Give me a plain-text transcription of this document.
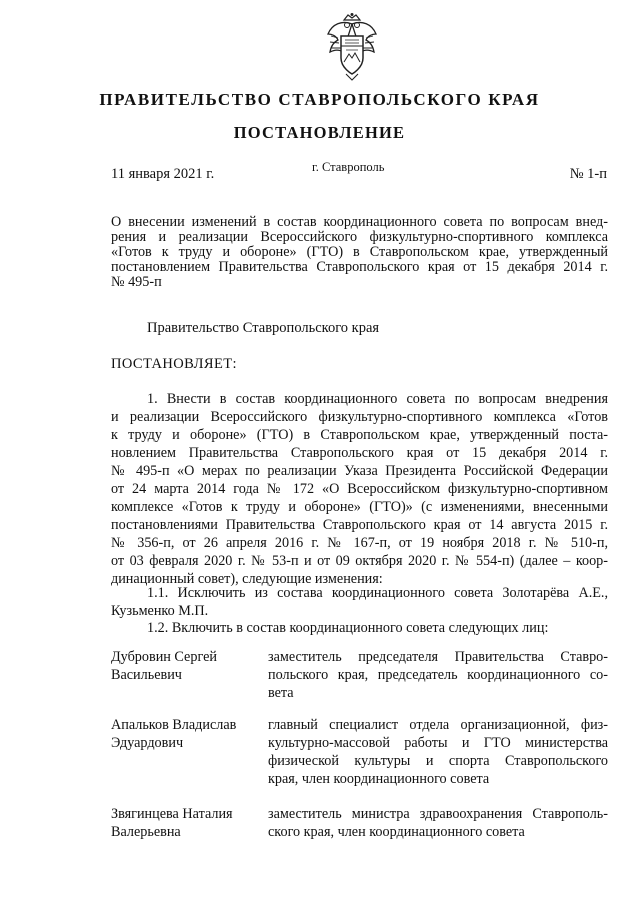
ПРАВИТЕЛЬСТВО СТАВРОПОЛЬСКОГО КРАЯ
ПОСТАНОВЛЕНИЕ
11 января 2021 г.	г. Ставрополь	№ 1-п

О внесении изменений в состав координационного совета по вопросам внед-
рения и реализации Всероссийского физкультурно-спортивного комплекса
«Готов к труду и обороне» (ГТО) в Ставропольском крае, утвержденный
постановлением Правительства Ставропольского края от 15 декабря 2014 г.
№ 495-п

Правительство Ставропольского края
ПОСТАНОВЛЯЕТ:

1. Внести в состав координационного совета по вопросам внедрения
и реализации Всероссийского физкультурно-спортивного комплекса «Готов
к труду и обороне» (ГТО) в Ставропольском крае, утвержденный поста-
новлением Правительства Ставропольского края от 15 декабря 2014 г.
№ 495-п «О мерах по реализации Указа Президента Российской Федерации
от 24 марта 2014 года № 172 «О Всероссийском физкультурно-спортивном
комплексе «Готов к труду и обороне» (ГТО)» (с изменениями, внесенными
постановлениями Правительства Ставропольского края от 14 августа 2015 г.
№ 356-п, от 26 апреля 2016 г. № 167-п, от 19 ноября 2018 г. № 510-п,
от 03 февраля 2020 г. № 53-п и от 09 октября 2020 г. № 554-п) (далее – коор-
динационный совет), следующие изменения:

1.1. Исключить из состава координационного совета Золотарёва А.Е.,
Кузьменко М.П.

1.2. Включить в состав координационного совета следующих лиц:

Дубровин Сергей
Васильевич
заместитель председателя Правительства Ставро-
польского края, председатель координационного со-
вета
Апальков Владислав
Эдуардович
главный специалист отдела организационной, физ-
культурно-массовой работы и ГТО министерства
физической культуры и спорта Ставропольского
края, член координационного совета
Звягинцева Наталия
Валерьевна
заместитель министра здравоохранения Ставрополь-
ского края, член координационного совета
